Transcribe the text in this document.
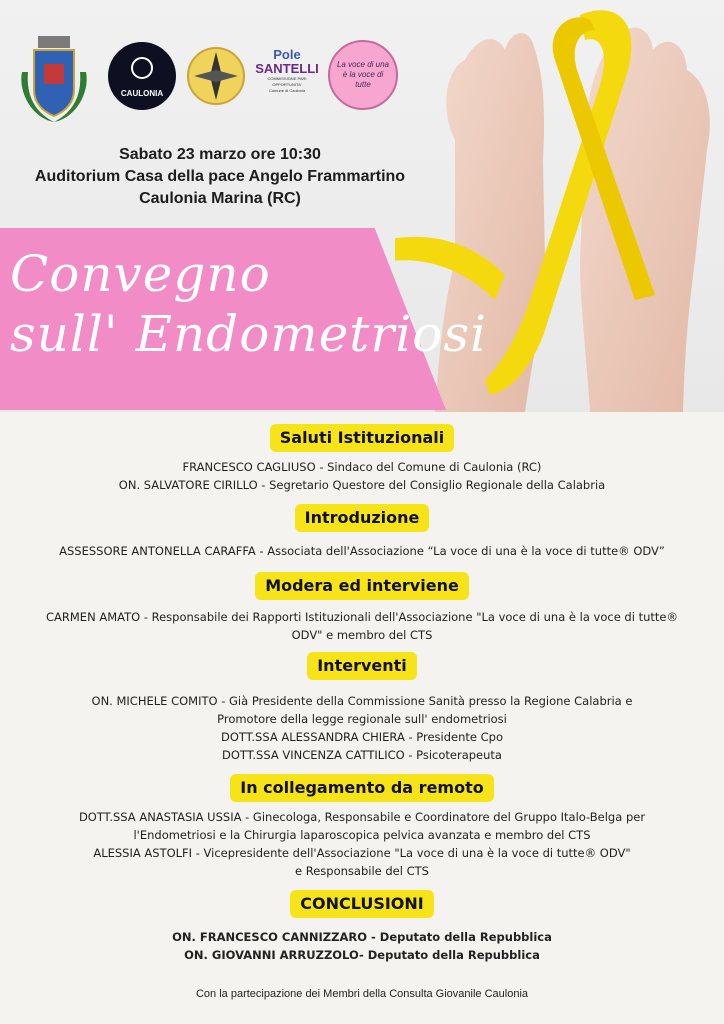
CAULONIA
Pole
SANTELLI
COMMISSIONE PARI OPPORTUNITA'
Comune di Caulonia
La voce di una è la voce di tutte
Sabato 23 marzo ore 10:30
Auditorium Casa della pace Angelo Frammartino
Caulonia Marina (RC)
Convegno
sull' Endometriosi
Saluti Istituzionali
FRANCESCO CAGLIUSO - Sindaco del Comune di Caulonia (RC)
ON. SALVATORE CIRILLO - Segretario Questore del Consiglio Regionale della Calabria
Introduzione
ASSESSORE ANTONELLA CARAFFA - Associata dell'Associazione “La voce di una è la voce di tutte® ODV”
Modera ed interviene
CARMEN AMATO - Responsabile dei Rapporti Istituzionali dell'Associazione "La voce di una è la voce di tutte®
ODV" e membro del CTS
Interventi
ON. MICHELE COMITO - Già Presidente della Commissione Sanità presso la Regione Calabria e
Promotore della legge regionale sull' endometriosi
DOTT.SSA ALESSANDRA CHIERA - Presidente Cpo
DOTT.SSA VINCENZA CATTILICO - Psicoterapeuta
In collegamento da remoto
DOTT.SSA ANASTASIA USSIA - Ginecologa, Responsabile e Coordinatore del Gruppo Italo-Belga per
l'Endometriosi e la Chirurgia laparoscopica pelvica avanzata e membro del CTS
ALESSIA ASTOLFI - Vicepresidente dell'Associazione "La voce di una è la voce di tutte® ODV"
e Responsabile del CTS
CONCLUSIONI
ON. FRANCESCO CANNIZZARO - Deputato della Repubblica
ON. GIOVANNI ARRUZZOLO- Deputato della Repubblica
Con la partecipazione dei Membri della Consulta Giovanile Caulonia
